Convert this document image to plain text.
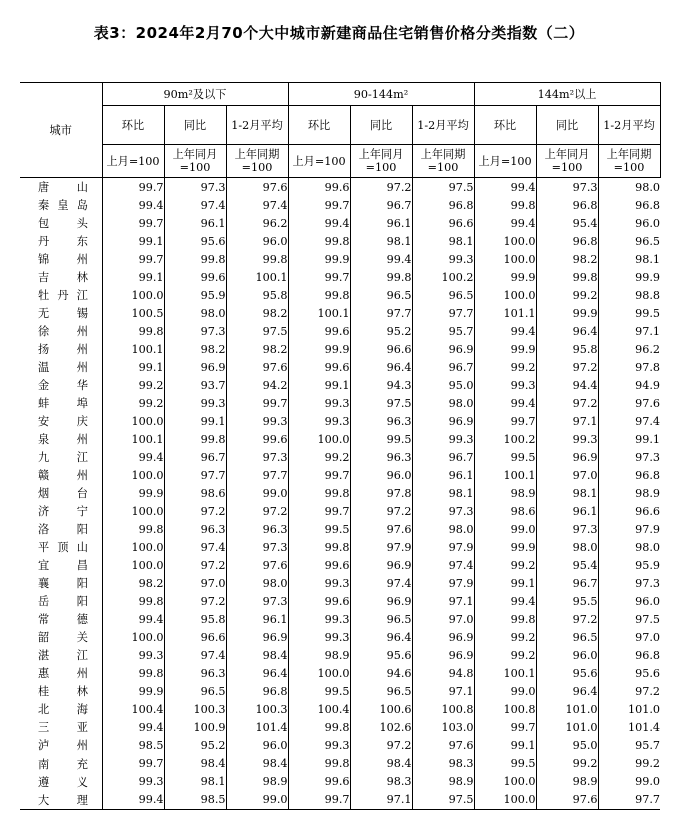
表3：2024年2月70个大中城市新建商品住宅销售价格分类指数（二）
城市	90m²及以下			90-144m²			144m²以上		
	环比	同比	1-2月平均	环比	同比	1-2月平均	环比	同比	1-2月平均
	上月=100	上年同月=100	上年同期=100	上月=100	上年同月=100	上年同期=100	上月=100	上年同月=100	上年同期=100
唐山	99.7	97.3	97.6	99.6	97.2	97.5	99.4	97.3	98.0
秦皇岛	99.4	97.4	97.4	99.7	96.7	96.8	99.8	96.8	96.8
包头	99.7	96.1	96.2	99.4	96.1	96.6	99.4	95.4	96.0
丹东	99.1	95.6	96.0	99.8	98.1	98.1	100.0	96.8	96.5
锦州	99.7	99.8	99.8	99.9	99.4	99.3	100.0	98.2	98.1
吉林	99.1	99.6	100.1	99.7	99.8	100.2	99.9	99.8	99.9
牡丹江	100.0	95.9	95.8	99.8	96.5	96.5	100.0	99.2	98.8
无锡	100.5	98.0	98.2	100.1	97.7	97.7	101.1	99.9	99.5
徐州	99.8	97.3	97.5	99.6	95.2	95.7	99.4	96.4	97.1
扬州	100.1	98.2	98.2	99.9	96.6	96.9	99.9	95.8	96.2
温州	99.1	96.9	97.6	99.6	96.4	96.7	99.2	97.2	97.8
金华	99.2	93.7	94.2	99.1	94.3	95.0	99.3	94.4	94.9
蚌埠	99.2	99.3	99.7	99.3	97.5	98.0	99.4	97.2	97.6
安庆	100.0	99.1	99.3	99.3	96.3	96.9	99.7	97.1	97.4
泉州	100.1	99.8	99.6	100.0	99.5	99.3	100.2	99.3	99.1
九江	99.4	96.7	97.3	99.2	96.3	96.7	99.5	96.9	97.3
赣州	100.0	97.7	97.7	99.7	96.0	96.1	100.1	97.0	96.8
烟台	99.9	98.6	99.0	99.8	97.8	98.1	98.9	98.1	98.9
济宁	100.0	97.2	97.2	99.7	97.2	97.3	98.6	96.1	96.6
洛阳	99.8	96.3	96.3	99.5	97.6	98.0	99.0	97.3	97.9
平顶山	100.0	97.4	97.3	99.8	97.9	97.9	99.9	98.0	98.0
宜昌	100.0	97.2	97.6	99.6	96.9	97.4	99.2	95.4	95.9
襄阳	98.2	97.0	98.0	99.3	97.4	97.9	99.1	96.7	97.3
岳阳	99.8	97.2	97.3	99.6	96.9	97.1	99.4	95.5	96.0
常德	99.4	95.8	96.1	99.3	96.5	97.0	99.8	97.2	97.5
韶关	100.0	96.6	96.9	99.3	96.4	96.9	99.2	96.5	97.0
湛江	99.3	97.4	98.4	98.9	95.6	96.9	99.2	96.0	96.8
惠州	99.8	96.3	96.4	100.0	94.6	94.8	100.1	95.6	95.6
桂林	99.9	96.5	96.8	99.5	96.5	97.1	99.0	96.4	97.2
北海	100.4	100.3	100.3	100.4	100.6	100.8	100.8	101.0	101.0
三亚	99.4	100.9	101.4	99.8	102.6	103.0	99.7	101.0	101.4
泸州	98.5	95.2	96.0	99.3	97.2	97.6	99.1	95.0	95.7
南充	99.7	98.4	98.4	99.8	98.4	98.3	99.5	99.2	99.2
遵义	99.3	98.1	98.9	99.6	98.3	98.9	100.0	98.9	99.0
大理	99.4	98.5	99.0	99.7	97.1	97.5	100.0	97.6	97.7
